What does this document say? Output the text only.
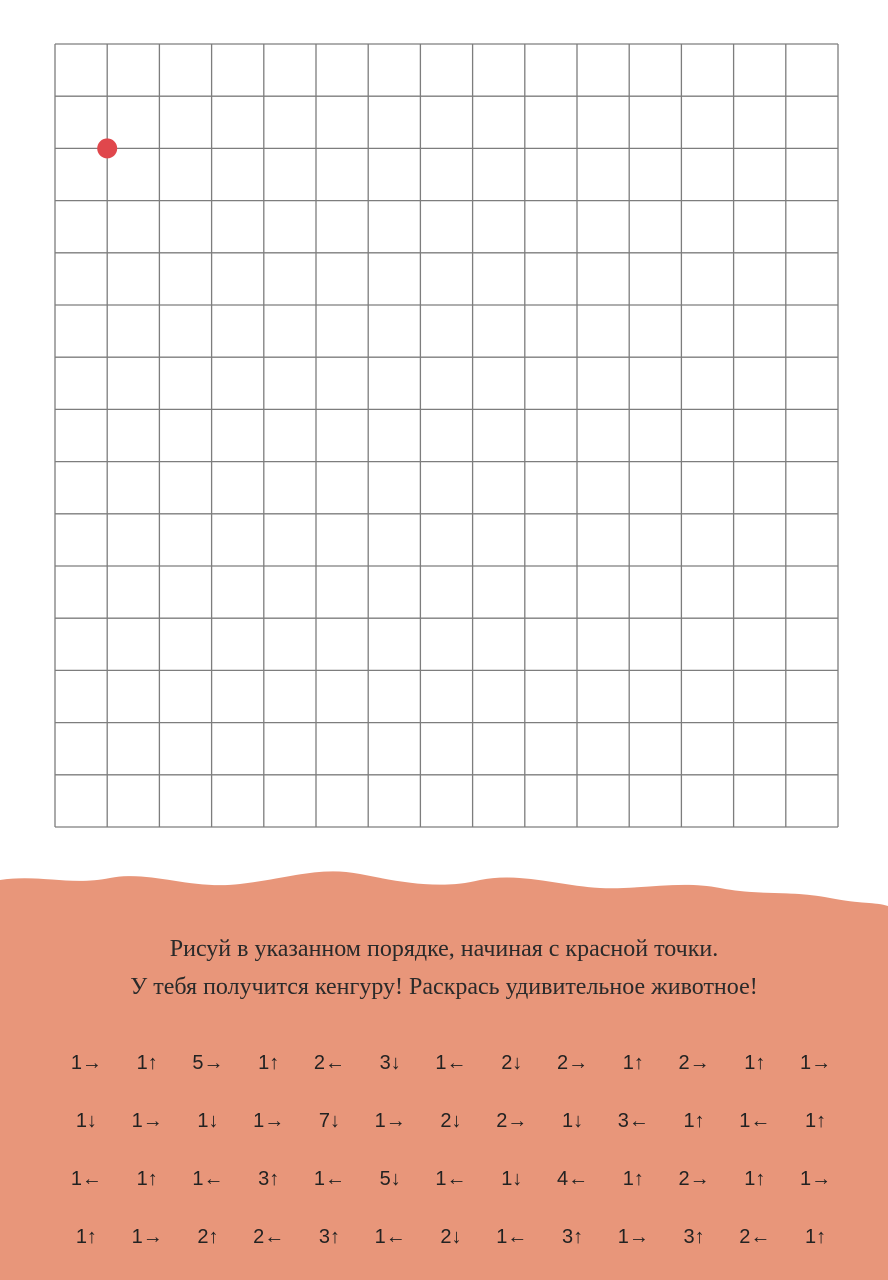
Рисуй в указанном порядке, начиная с красной точки.
У тебя получится кенгуру! Раскрась удивительное животное!
1→	1↑	5→	1↑	2←	3↓	1←	2↓	2→	1↑	2→	1↑	1→
1↓	1→	1↓	1→	7↓	1→	2↓	2→	1↓	3←	1↑	1←	1↑
1←	1↑	1←	3↑	1←	5↓	1←	1↓	4←	1↑	2→	1↑	1→
1↑	1→	2↑	2←	3↑	1←	2↓	1←	3↑	1→	3↑	2←	1↑
